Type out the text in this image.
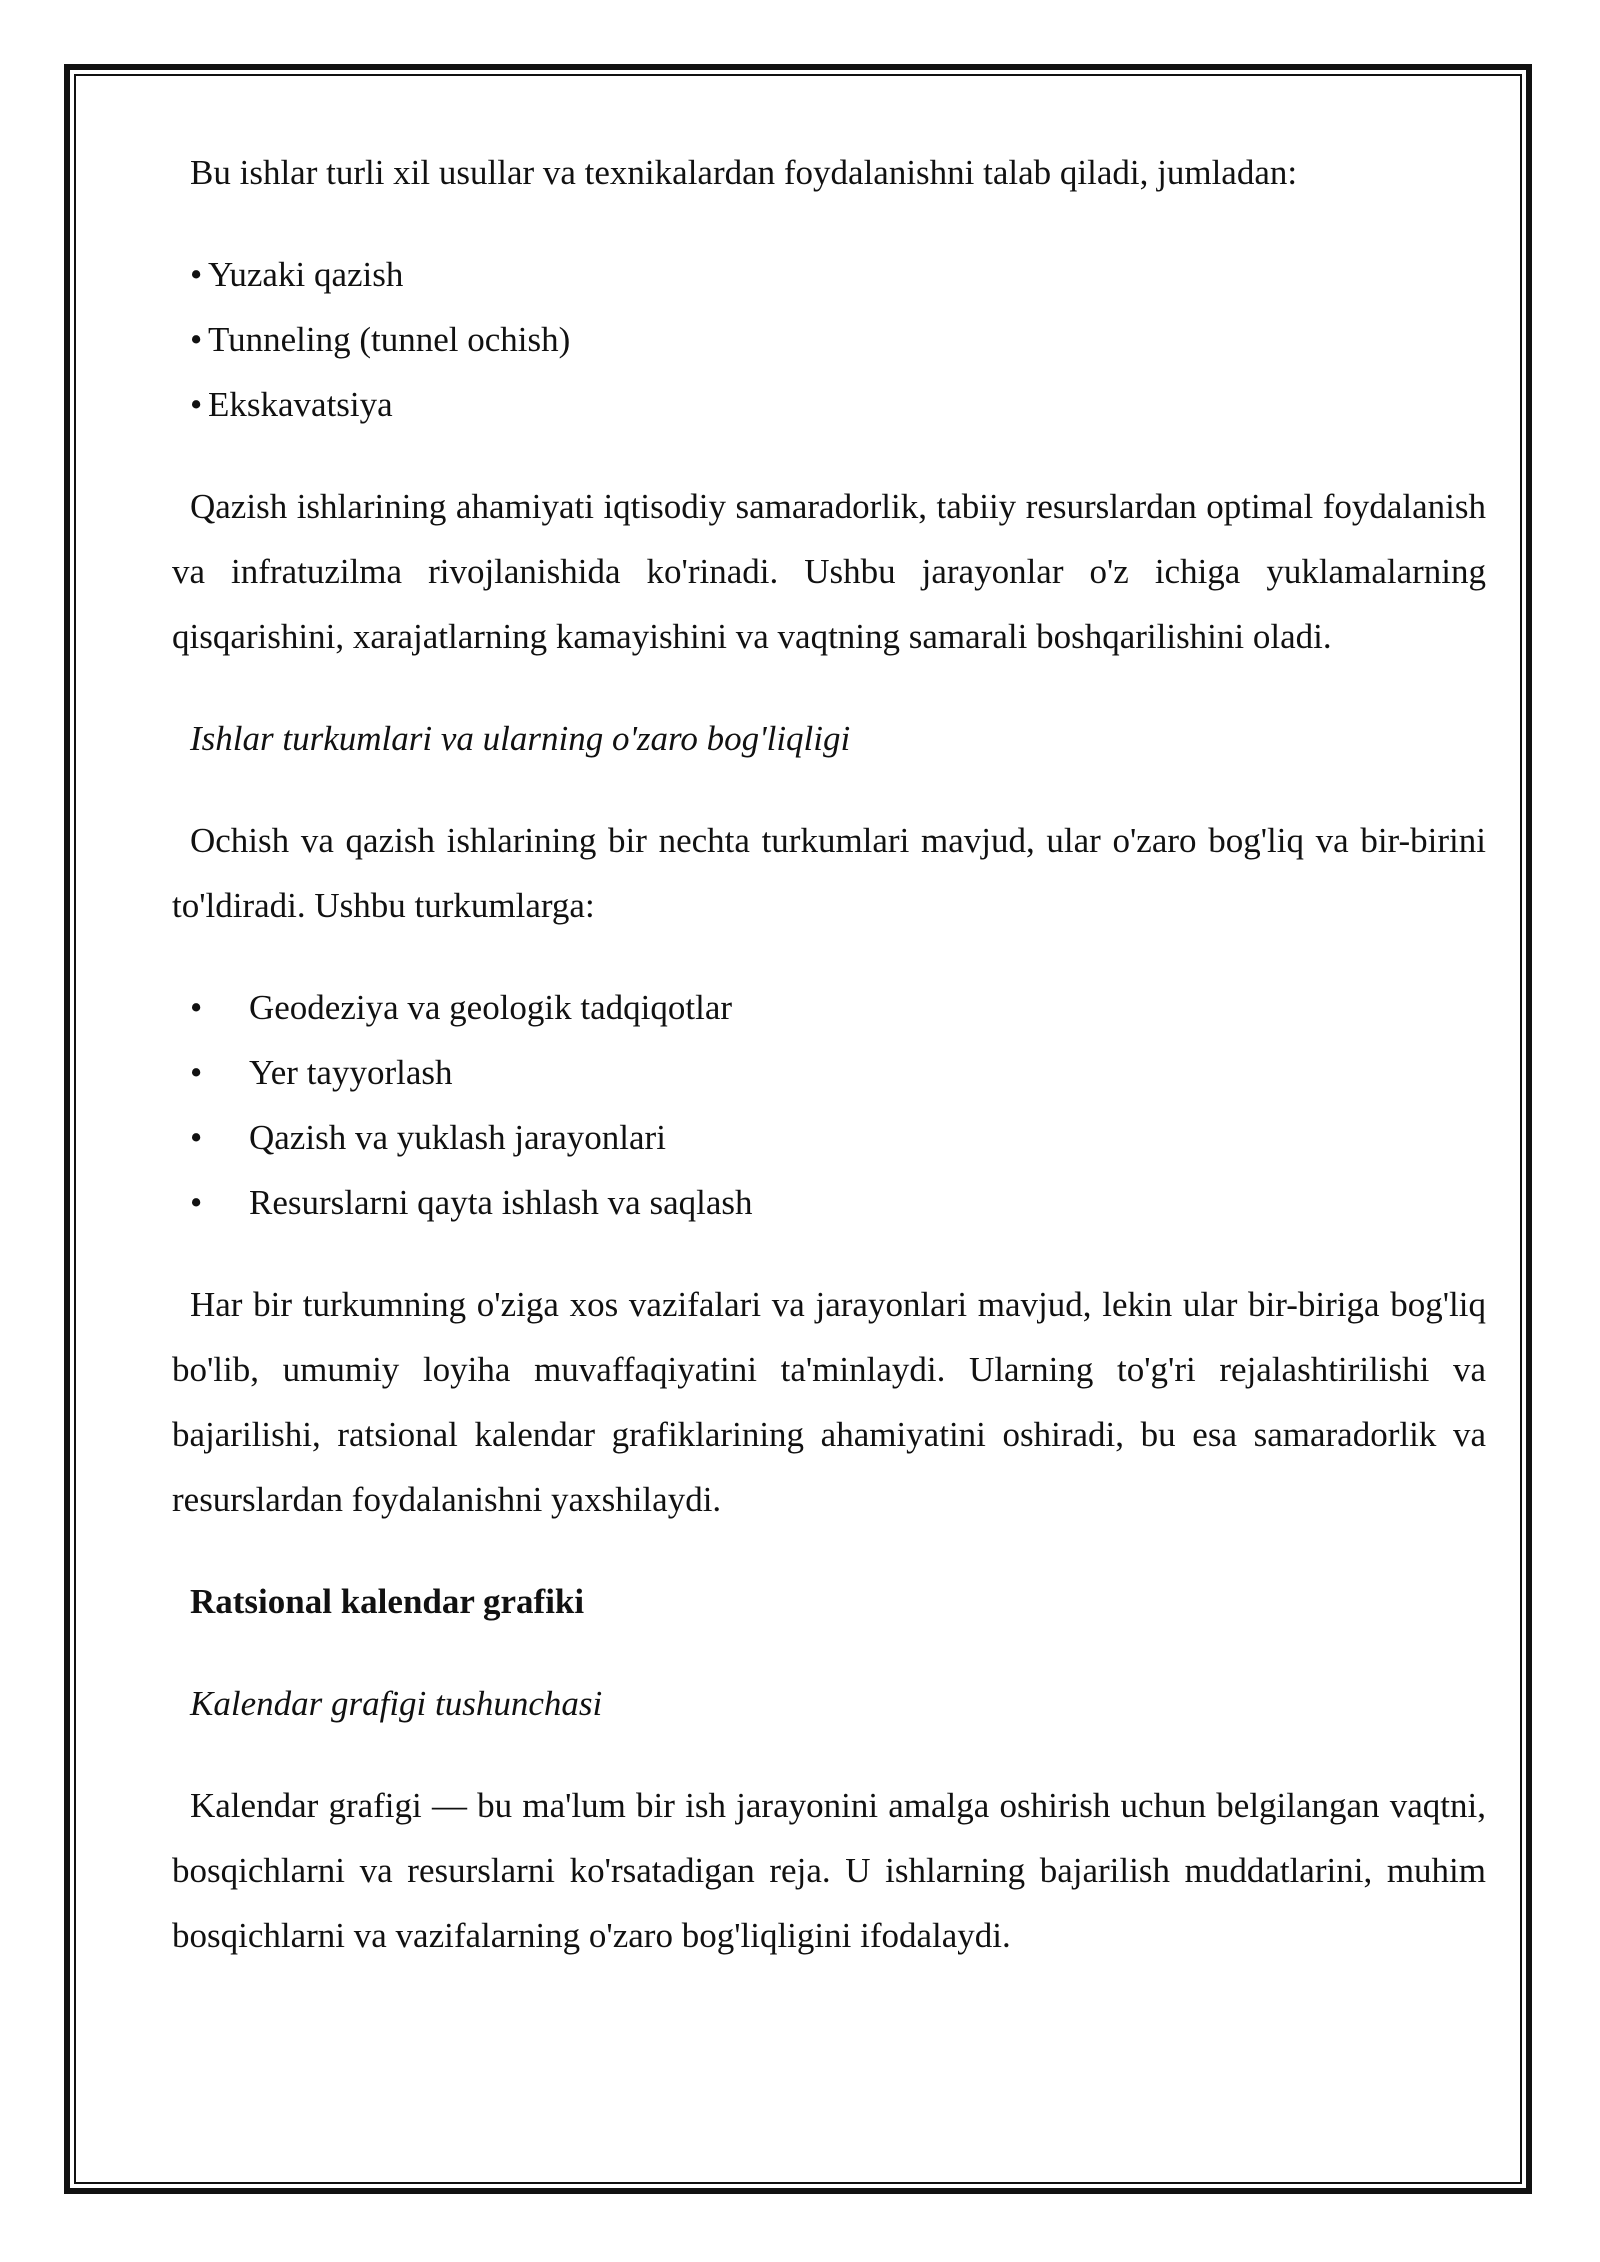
Bu ishlar turli xil usullar va texnikalardan foydalanishni talab qiladi, jumladan:

• Yuzaki qazish
• Tunneling (tunnel ochish)
• Ekskavatsiya

Qazish ishlarining ahamiyati iqtisodiy samaradorlik, tabiiy resurslardan optimal foydalanish va infratuzilma rivojlanishida ko'rinadi. Ushbu jarayonlar o'z ichiga yuklamalarning qisqarishini, xarajatlarning kamayishini va vaqtning samarali boshqarilishini oladi.

Ishlar turkumlari va ularning o'zaro bog'liqligi

Ochish va qazish ishlarining bir nechta turkumlari mavjud, ular o'zaro bog'liq va bir-birini to'ldiradi. Ushbu turkumlarga:

• Geodeziya va geologik tadqiqotlar
• Yer tayyorlash
• Qazish va yuklash jarayonlari
• Resurslarni qayta ishlash va saqlash

Har bir turkumning o'ziga xos vazifalari va jarayonlari mavjud, lekin ular bir-biriga bog'liq bo'lib, umumiy loyiha muvaffaqiyatini ta'minlaydi. Ularning to'g'ri rejalashtirilishi va bajarilishi, ratsional kalendar grafiklarining ahamiyatini oshiradi, bu esa samaradorlik va resurslardan foydalanishni yaxshilaydi.

Ratsional kalendar grafiki

Kalendar grafigi tushunchasi

Kalendar grafigi — bu ma'lum bir ish jarayonini amalga oshirish uchun belgilangan vaqtni, bosqichlarni va resurslarni ko'rsatadigan reja. U ishlarning bajarilish muddatlarini, muhim bosqichlarni va vazifalarning o'zaro bog'liqligini ifodalaydi.
